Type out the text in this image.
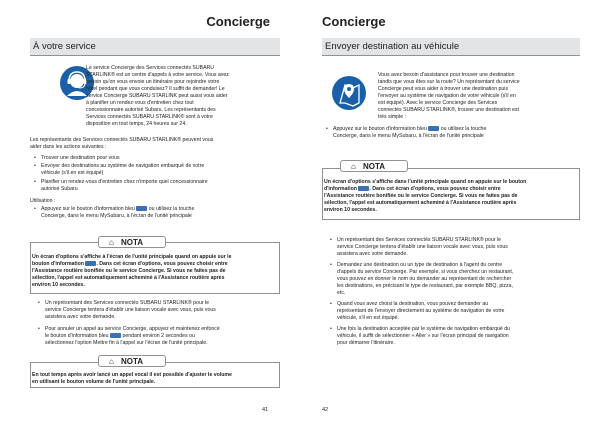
Concierge
À votre service
Le service Concierge des Services connectés SUBARU
STARLINK® est un centre d'appels à votre service. Vous avez
besoin qu'on vous envoie un itinéraire pour rejoindre votre
hôtel pendant que vous conduisez? Il suffit de demander! Le
service Concierge SUBARU STARLINK peut aussi vous aider
à planifier un rendez-vous d'entretien chez tout
concessionnaire autorisé Subaru. Les représentants des
Services connectés SUBARU STARLINK® sont à votre
disposition en tout temps, 24 heures sur 24.
Les représentants des Services connectés SUBARU STARLINK® peuvent vous
aider dans les actions suivantes :
• Trouver une destination pour vous
• Envoyer des destinations au système de navigation embarqué de votre
véhicule (s'il en est équipé)
• Planifier un rendez-vous d'entretien chez n'importe quel concessionnaire
autorisé Subaru
Utilisation :
• Appuyez sur le bouton d'information bleu	ou utilisez la touche
Concierge, dans le menu MySubaru, à l'écran de l'unité principale
⌂ NOTA
Un écran d'options s'affiche à l'écran de l'unité principale quand on appuie sur le
bouton d'information . Dans cet écran d'options, vous pouvez choisir entre
l'Assistance routière bonifiée ou le service Concierge. Si vous ne faites pas de
sélection, l'appel est automatiquement acheminé à l'Assistance routière après
environ 10 secondes.
• Un représentant des Services connectés SUBARU STARLINK® pour le
service Concierge tentera d'établir une liaison vocale avec vous, puis vous
assistera avec votre demande.
• Pour annuler un appel au service Concierge, appuyez et maintenez enfoncé
le bouton d'information bleu	pendant environ 2 secondes ou
sélectionnez l'option Mettre fin à l'appel sur l'écran de l'unité principale.
⌂ NOTA
En tout temps après avoir lancé un appel vocal il est possible d'ajuster le volume
en utilisant le bouton volume de l'unité principale.
41
Concierge
Envoyer destination au véhicule
Vous avez besoin d'assistance pour trouver une destination
tandis que vous êtes sur la route? Un représentant du service
Concierge peut vous aider à trouver une destination puis
l'envoyer au système de navigation de votre véhicule (s'il en
est équipé). Avec le service Concierge des Services
connectés SUBARU STARLINK®, trouver une destination est
très simple :
• Appuyez sur le bouton d'information bleu	ou utilisez la touche
Concierge, dans le menu MySubaru, à l'écran de l'unité principale
⌂ NOTA
Un écran d'options s'affiche dans l'unité principale quand on appuie sur le bouton
d'information . Dans cet écran d'options, vous pouvez choisir entre
l'Assistance routière bonifiée ou le service Concierge. Si vous ne faites pas de
sélection, l'appel est automatiquement acheminé à l'Assistance routière après
environ 10 secondes.
• Un représentant des Services connectés SUBARU STARLINK® pour le
service Concierge tentera d'établir une liaison vocale avec vous, puis vous
assistera avec votre demande.
• Demandez une destination ou un type de destination à l'agent du centre
d'appels du service Concierge. Par exemple, si vous cherchez un restaurant,
vous pouvez en donner le nom ou demander au représentant de rechercher
les destinations, en précisant le type de restaurant, par exemple BBQ, pizza,
etc.
• Quand vous avez choisi la destination, vous pouvez demander au
représentant de l'envoyer directement au système de navigation de votre
véhicule, s'il en est équipé.
• Une fois la destination acceptée par le système de navigation embarqué du
véhicule, il suffit de sélectionner « Aller » sur l'écran principal de navigation
pour démarrer l'itinéraire.
42
